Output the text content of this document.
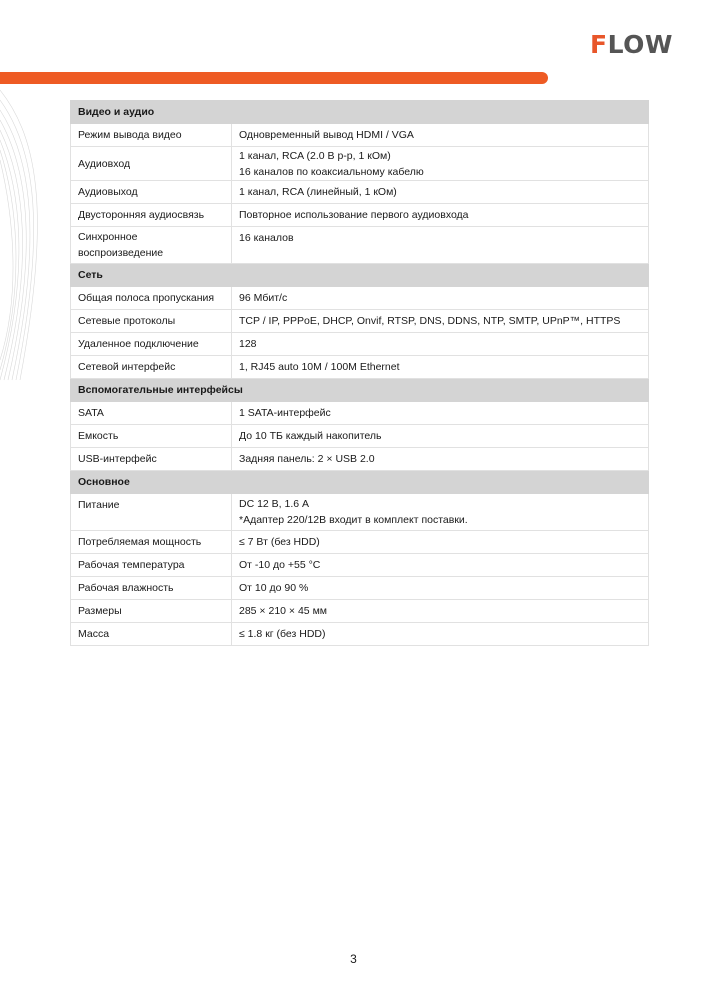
F LOW
Видео и аудио	
Режим вывода видео	Одновременный вывод HDMI / VGA
Аудиовход	1 канал, RCA (2.0 В p-p, 1 кОм)
16 каналов по коаксиальному кабелю

Аудиовыход	1 канал, RCA (линейный, 1 кОм)
Двусторонняя аудиосвязь	Повторное использование первого аудиовхода

Синхронное
воспроизведение	16 каналов
Сеть	
Общая полоса пропускания	96 Мбит/с
Сетевые протоколы	TCP / IP, PPPoE, DHCP, Onvif, RTSP, DNS, DDNS, NTP, SMTP, UPnP™, HTTPS
Удаленное подключение	128
Сетевой интерфейс	1, RJ45 auto 10M / 100M Ethernet
Вспомогательные интерфейсы	
SATA	1 SATA-интерфейс
Емкость	До 10 ТБ каждый накопитель
USB-интерфейс	Задняя панель: 2 × USB 2.0
Основное	
Питание	DC 12 В, 1.6 А
*Адаптер 220/12В входит в комплект поставки.

Потребляемая мощность	≤ 7 Вт (без HDD)
Рабочая температура	От -10 до +55 °C
Рабочая влажность	От 10 до 90 %
Размеры	285 × 210 × 45 мм
Масса	≤ 1.8 кг (без HDD)
3
